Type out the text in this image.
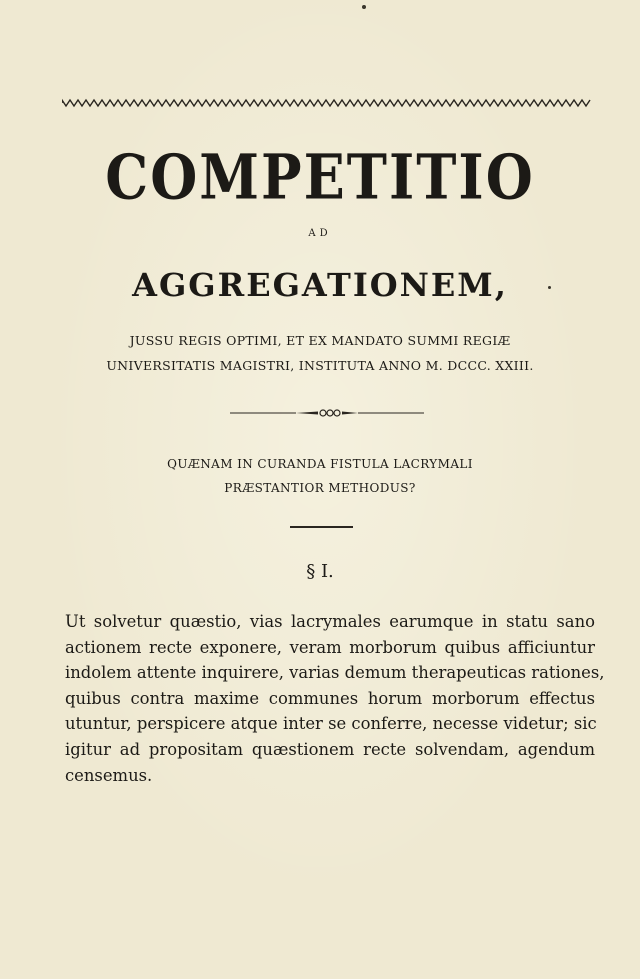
COMPETITIO
AD
AGGREGATIONEM,
JUSSU REGIS OPTIMI, ET EX MANDATO SUMMI REGIÆ
UNIVERSITATIS MAGISTRI, INSTITUTA ANNO M. DCCC. XXIII.
QUÆNAM IN CURANDA FISTULA LACRYMALI
PRÆSTANTIOR METHODUS?
§ I.
Ut solvetur quæstio, vias lacrymales earumque in statu sano
actionem recte exponere, veram morborum quibus afficiuntur
indolem attente inquirere, varias demum therapeuticas rationes,
quibus contra maxime communes horum morborum effectus
utuntur, perspicere atque inter se conferre, necesse videtur; sic
igitur ad propositam quæstionem recte solvendam, agendum
censemus.
